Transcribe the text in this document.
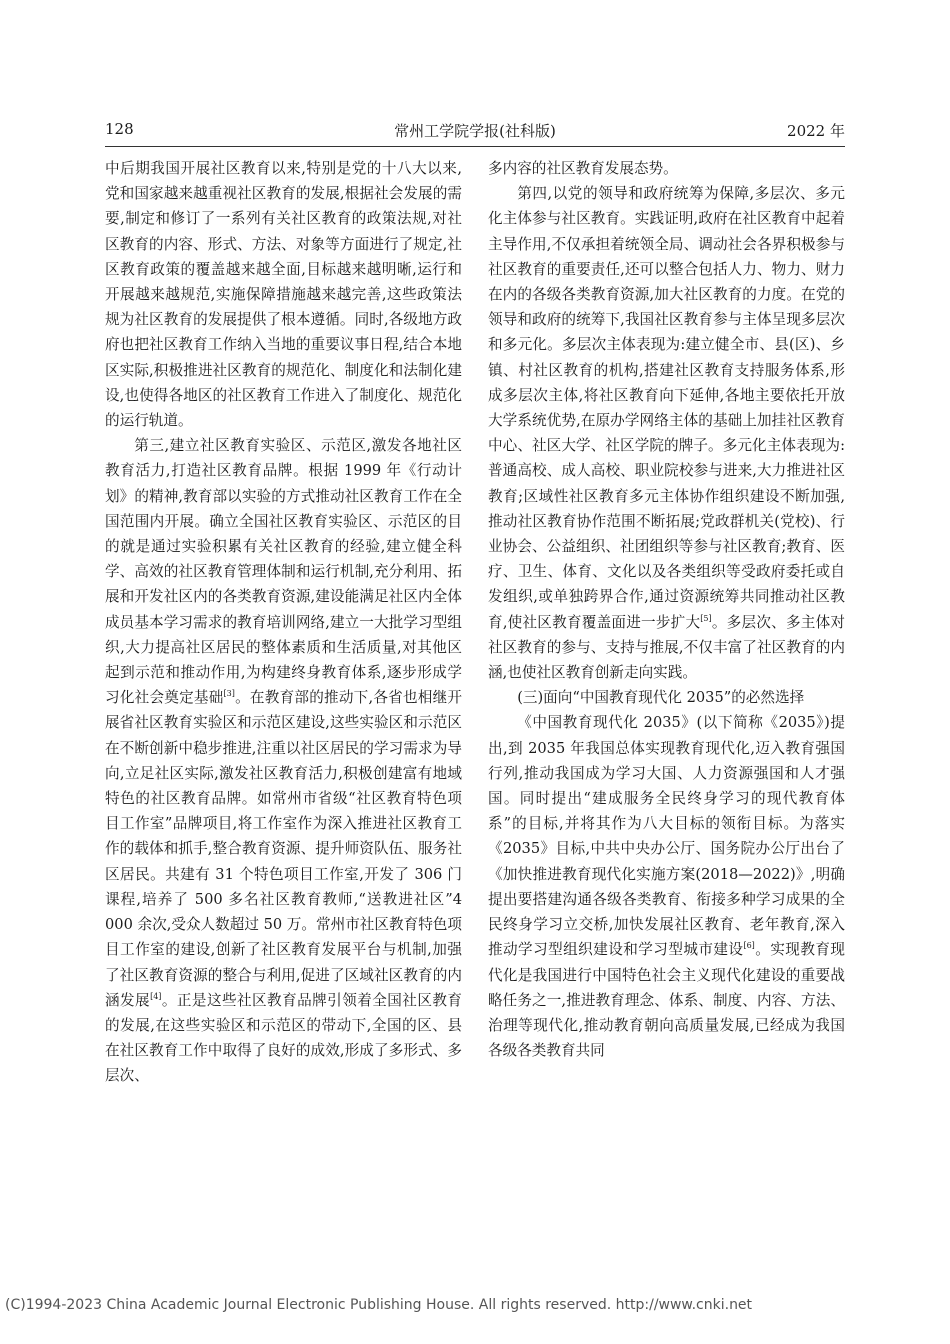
128	常州工学院学报(社科版)	2022 年

中后期我国开展社区教育以来,特别是党的十八大以来,党和国家越来越重视社区教育的发展,根据社会发展的需要,制定和修订了一系列有关社区教育的政策法规,对社区教育的内容、形式、方法、对象等方面进行了规定,社区教育政策的覆盖越来越全面,目标越来越明晰,运行和开展越来越规范,实施保障措施越来越完善,这些政策法规为社区教育的发展提供了根本遵循。同时,各级地方政府也把社区教育工作纳入当地的重要议事日程,结合本地区实际,积极推进社区教育的规范化、制度化和法制化建设,也使得各地区的社区教育工作进入了制度化、规范化的运行轨道。

第三,建立社区教育实验区、示范区,激发各地社区教育活力,打造社区教育品牌。根据 1999 年《行动计划》的精神,教育部以实验的方式推动社区教育工作在全国范围内开展。确立全国社区教育实验区、示范区的目的就是通过实验积累有关社区教育的经验,建立健全科学、高效的社区教育管理体制和运行机制,充分利用、拓展和开发社区内的各类教育资源,建设能满足社区内全体成员基本学习需求的教育培训网络,建立一大批学习型组织,大力提高社区居民的整体素质和生活质量,对其他区起到示范和推动作用,为构建终身教育体系,逐步形成学习化社会奠定基础[3]。在教育部的推动下,各省也相继开展省社区教育实验区和示范区建设,这些实验区和示范区在不断创新中稳步推进,注重以社区居民的学习需求为导向,立足社区实际,激发社区教育活力,积极创建富有地域特色的社区教育品牌。如常州市省级“社区教育特色项目工作室”品牌项目,将工作室作为深入推进社区教育工作的载体和抓手,整合教育资源、提升师资队伍、服务社区居民。共建有 31 个特色项目工作室,开发了 306 门课程,培养了 500 多名社区教育教师,“送教进社区”4 000 余次,受众人数超过 50 万。常州市社区教育特色项目工作室的建设,创新了社区教育发展平台与机制,加强了社区教育资源的整合与利用,促进了区域社区教育的内涵发展[4]。正是这些社区教育品牌引领着全国社区教育的发展,在这些实验区和示范区的带动下,全国的区、县在社区教育工作中取得了良好的成效,形成了多形式、多层次、

多内容的社区教育发展态势。

第四,以党的领导和政府统筹为保障,多层次、多元化主体参与社区教育。实践证明,政府在社区教育中起着主导作用,不仅承担着统领全局、调动社会各界积极参与社区教育的重要责任,还可以整合包括人力、物力、财力在内的各级各类教育资源,加大社区教育的力度。在党的领导和政府的统筹下,我国社区教育参与主体呈现多层次和多元化。多层次主体表现为:建立健全市、县(区)、乡镇、村社区教育的机构,搭建社区教育支持服务体系,形成多层次主体,将社区教育向下延伸,各地主要依托开放大学系统优势,在原办学网络主体的基础上加挂社区教育中心、社区大学、社区学院的牌子。多元化主体表现为:普通高校、成人高校、职业院校参与进来,大力推进社区教育;区域性社区教育多元主体协作组织建设不断加强,推动社区教育协作范围不断拓展;党政群机关(党校)、行业协会、公益组织、社团组织等参与社区教育;教育、医疗、卫生、体育、文化以及各类组织等受政府委托或自发组织,或单独跨界合作,通过资源统筹共同推动社区教育,使社区教育覆盖面进一步扩大[5]。多层次、多主体对社区教育的参与、支持与推展,不仅丰富了社区教育的内涵,也使社区教育创新走向实践。

(三)面向“中国教育现代化 2035”的必然选择

《中国教育现代化 2035》(以下简称《2035》)提出,到 2035 年我国总体实现教育现代化,迈入教育强国行列,推动我国成为学习大国、人力资源强国和人才强国。同时提出“建成服务全民终身学习的现代教育体系”的目标,并将其作为八大目标的领衔目标。为落实《2035》目标,中共中央办公厅、国务院办公厅出台了《加快推进教育现代化实施方案(2018—2022)》,明确提出要搭建沟通各级各类教育、衔接多种学习成果的全民终身学习立交桥,加快发展社区教育、老年教育,深入推动学习型组织建设和学习型城市建设[6]。实现教育现代化是我国进行中国特色社会主义现代化建设的重要战略任务之一,推进教育理念、体系、制度、内容、方法、治理等现代化,推动教育朝向高质量发展,已经成为我国各级各类教育共同

(C)1994-2023 China Academic Journal Electronic Publishing House. All rights reserved. http://www.cnki.net
